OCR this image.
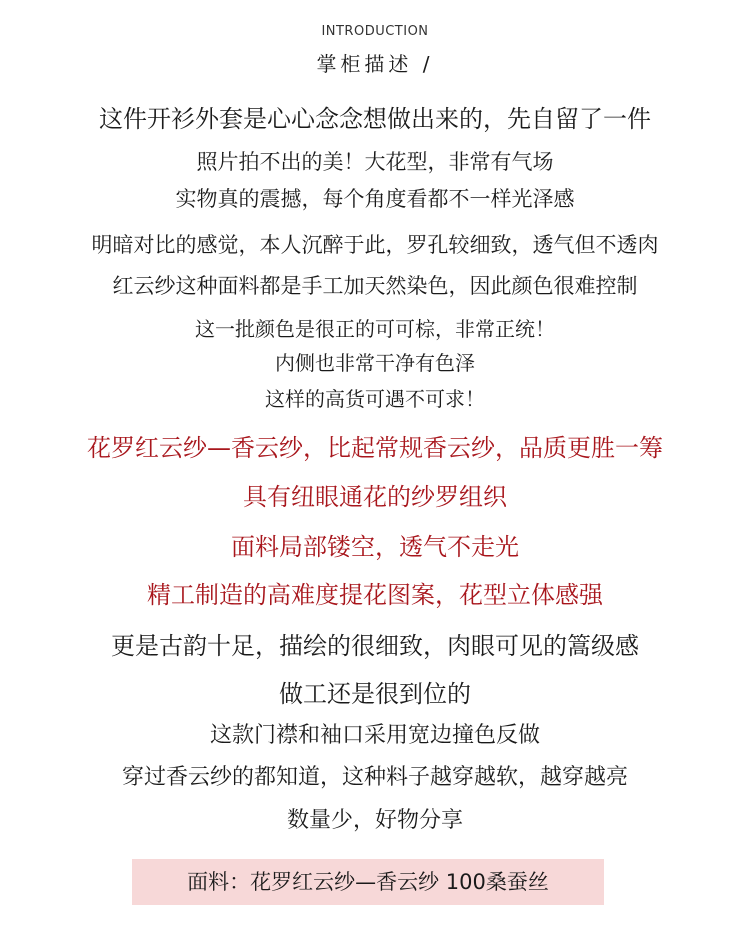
INTRODUCTION
掌柜描述 /
这件开衫外套是心心念念想做出来的，先自留了一件
照片拍不出的美！大花型，非常有气场
实物真的震撼，每个角度看都不一样光泽感
明暗对比的感觉，本人沉醉于此，罗孔较细致，透气但不透肉
红云纱这种面料都是手工加天然染色，因此颜色很难控制
这一批颜色是很正的可可棕，非常正统！
内侧也非常干净有色泽
这样的高货可遇不可求！
花罗红云纱—香云纱，比起常规香云纱，品质更胜一筹
具有纽眼通花的纱罗组织
面料局部镂空，透气不走光
精工制造的高难度提花图案，花型立体感强
更是古韵十足，描绘的很细致，肉眼可见的篙级感
做工还是很到位的
这款门襟和袖口采用宽边撞色反做
穿过香云纱的都知道，这种料子越穿越软，越穿越亮
数量少，好物分享
面料：花罗红云纱—香云纱 100桑蚕丝
